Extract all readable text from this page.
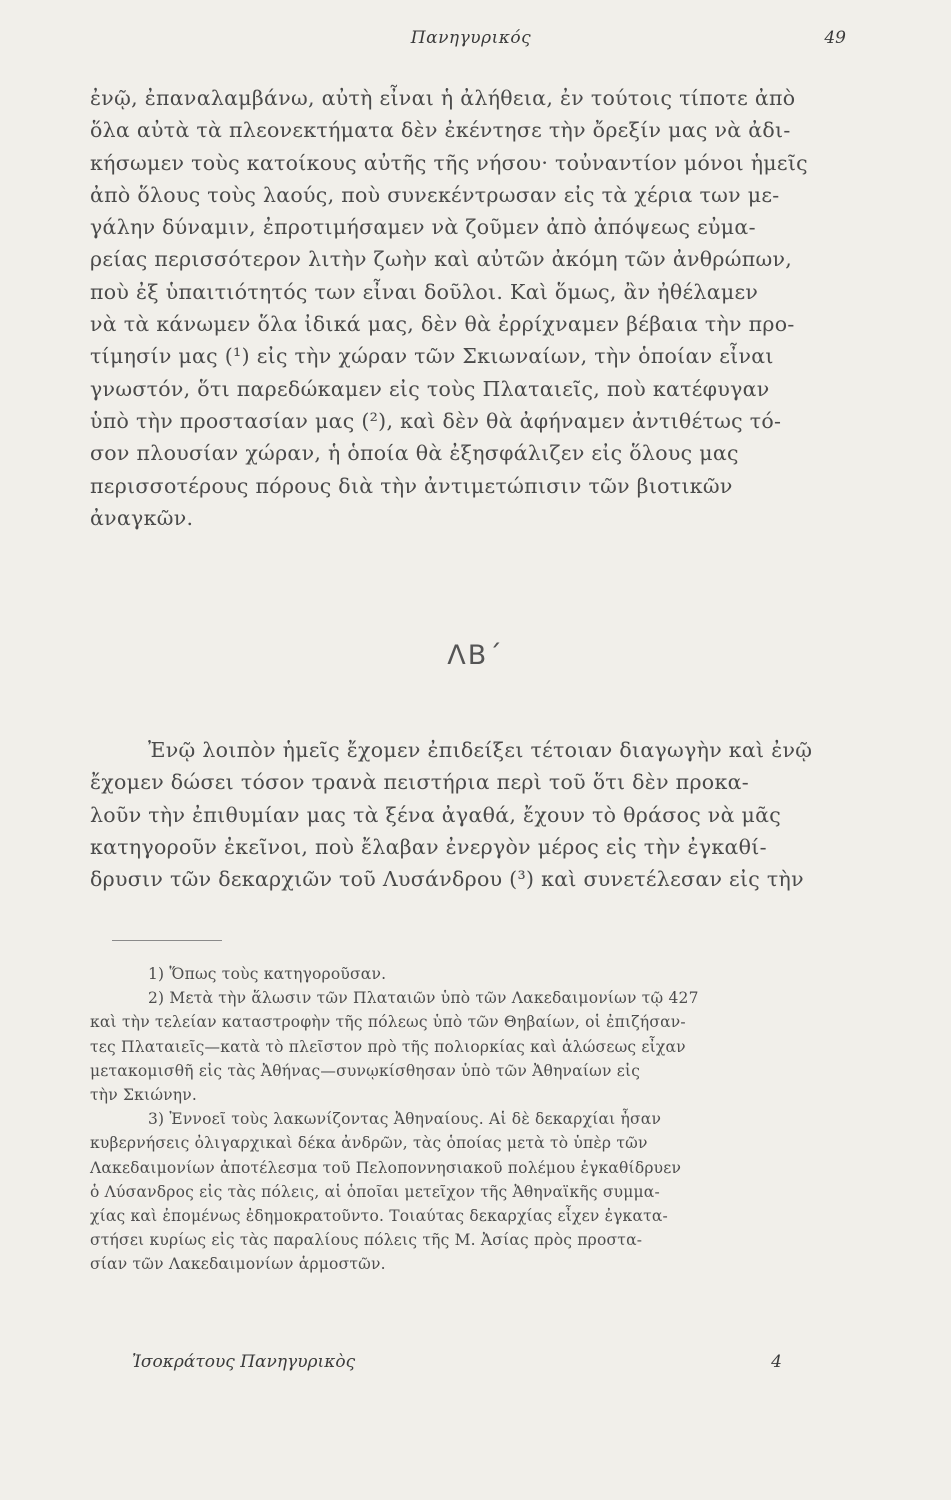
Πανηγυρικός	49
ἐνῷ, ἐπαναλαμβάνω, αὐτὴ εἶναι ἡ ἀλήθεια, ἐν τούτοις τίποτε ἀπὸ
ὅλα αὐτὰ τὰ πλεονεκτήματα δὲν ἐκέντησε τὴν ὄρεξίν μας νὰ ἀδι-
κήσωμεν τοὺς κατοίκους αὐτῆς τῆς νήσου· τοὐναντίον μόνοι ἡμεῖς
ἀπὸ ὅλους τοὺς λαούς, ποὺ συνεκέντρωσαν εἰς τὰ χέρια των με-
γάλην δύναμιν, ἐπροτιμήσαμεν νὰ ζοῦμεν ἀπὸ ἀπόψεως εὐμα-
ρείας περισσότερον λιτὴν ζωὴν καὶ αὐτῶν ἀκόμη τῶν ἀνθρώπων,
ποὺ ἐξ ὑπαιτιότητός των εἶναι δοῦλοι. Καὶ ὅμως, ἂν ἠθέλαμεν
νὰ τὰ κάνωμεν ὅλα ἰδικά μας, δὲν θὰ ἐρρίχναμεν βέβαια τὴν προ-
τίμησίν μας (¹) εἰς τὴν χώραν τῶν Σκιωναίων, τὴν ὁποίαν εἶναι
γνωστόν, ὅτι παρεδώκαμεν εἰς τοὺς Πλαταιεῖς, ποὺ κατέφυγαν
ὑπὸ τὴν προστασίαν μας (²), καὶ δὲν θὰ ἀφήναμεν ἀντιθέτως τό-
σον πλουσίαν χώραν, ἡ ὁποία θὰ ἐξησφάλιζεν εἰς ὅλους μας
περισσοτέρους πόρους διὰ τὴν ἀντιμετώπισιν τῶν βιοτικῶν
ἀναγκῶν.
ΛΒ΄
Ἐνῷ λοιπὸν ἡμεῖς ἔχομεν ἐπιδείξει τέτοιαν διαγωγὴν καὶ ἐνῷ
ἔχομεν δώσει τόσον τρανὰ πειστήρια περὶ τοῦ ὅτι δὲν προκα-
λοῦν τὴν ἐπιθυμίαν μας τὰ ξένα ἀγαθά, ἔχουν τὸ θράσος νὰ μᾶς
κατηγοροῦν ἐκεῖνοι, ποὺ ἔλαβαν ἐνεργὸν μέρος εἰς τὴν ἐγκαθί-
δρυσιν τῶν δεκαρχιῶν τοῦ Λυσάνδρου (³) καὶ συνετέλεσαν εἰς τὴν
1) Ὅπως τοὺς κατηγοροῦσαν.
2) Μετὰ τὴν ἅλωσιν τῶν Πλαταιῶν ὑπὸ τῶν Λακεδαιμονίων τῷ 427
καὶ τὴν τελείαν καταστροφὴν τῆς πόλεως ὑπὸ τῶν Θηβαίων, οἱ ἐπιζήσαν-
τες Πλαταιεῖς—κατὰ τὸ πλεῖστον πρὸ τῆς πολιορκίας καὶ ἁλώσεως εἶχαν
μετακομισθῆ εἰς τὰς Ἀθήνας—συνῳκίσθησαν ὑπὸ τῶν Ἀθηναίων εἰς
τὴν Σκιώνην.
3) Ἐννοεῖ τοὺς λακωνίζοντας Ἀθηναίους. Αἱ δὲ δεκαρχίαι ἦσαν
κυβερνήσεις ὀλιγαρχικαὶ δέκα ἀνδρῶν, τὰς ὁποίας μετὰ τὸ ὑπὲρ τῶν
Λακεδαιμονίων ἀποτέλεσμα τοῦ Πελοποννησιακοῦ πολέμου ἐγκαθίδρυεν
ὁ Λύσανδρος εἰς τὰς πόλεις, αἱ ὁποῖαι μετεῖχον τῆς Ἀθηναϊκῆς συμμα-
χίας καὶ ἐπομένως ἐδημοκρατοῦντο. Τοιαύτας δεκαρχίας εἶχεν ἐγκατα-
στήσει κυρίως εἰς τὰς παραλίους πόλεις τῆς Μ. Ἀσίας πρὸς προστα-
σίαν τῶν Λακεδαιμονίων ἁρμοστῶν.
Ἰσοκράτους Πανηγυρικὸς	4
